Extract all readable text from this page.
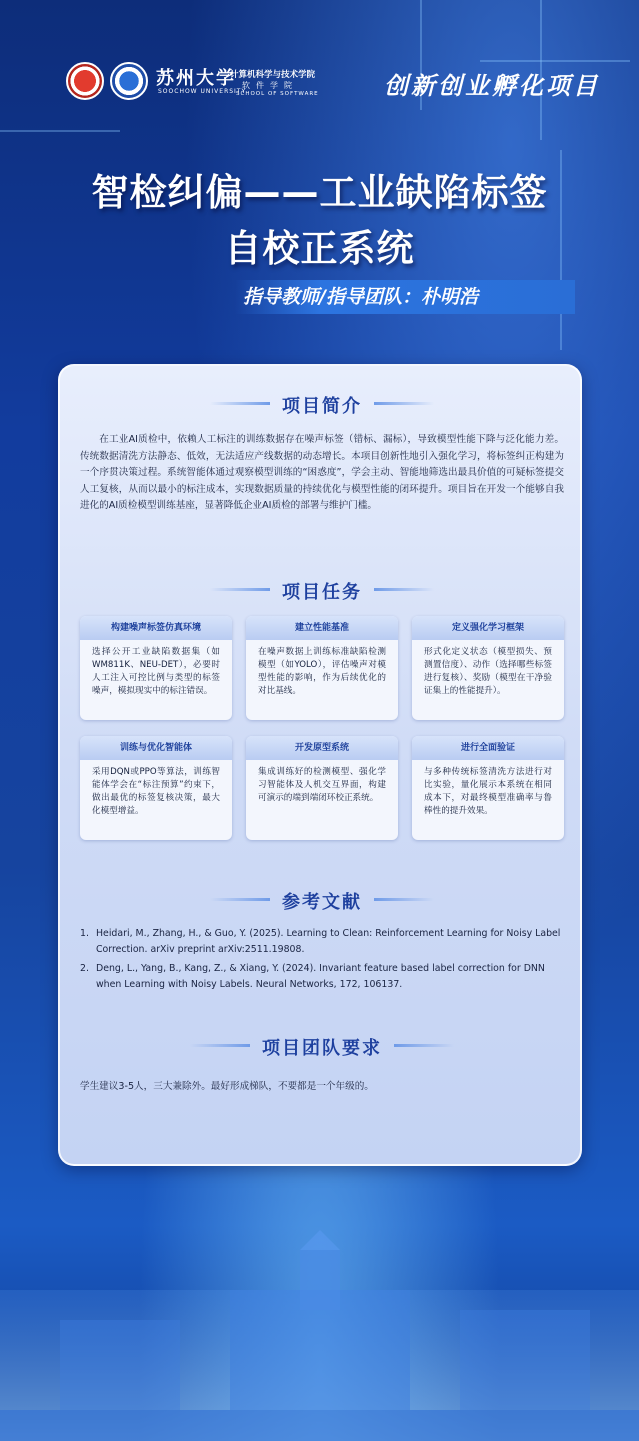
苏州大学
SOOCHOW UNIVERSITY
计算机科学与技术学院
软件学院
SCHOOL OF SOFTWARE	创新创业孵化项目
智检纠偏——工业缺陷标签
自校正系统
指导教师/指导团队：朴明浩
项目简介
在工业AI质检中，依赖人工标注的训练数据存在噪声标签（错标、漏标），导致模型性能下降与泛化能力差。传统数据清洗方法静态、低效，无法适应产线数据的动态增长。本项目创新性地引入强化学习，将标签纠正构建为一个序贯决策过程。系统智能体通过观察模型训练的“困惑度”，学会主动、智能地筛选出最具价值的可疑标签提交人工复核，从而以最小的标注成本，实现数据质量的持续优化与模型性能的闭环提升。项目旨在开发一个能够自我进化的AI质检模型训练基座，显著降低企业AI质检的部署与维护门槛。
项目任务
构建噪声标签仿真环境
选择公开工业缺陷数据集（如WM811K、NEU-DET），必要时人工注入可控比例与类型的标签噪声，模拟现实中的标注错误。
建立性能基准
在噪声数据上训练标准缺陷检测模型（如YOLO），评估噪声对模型性能的影响，作为后续优化的对比基线。
定义强化学习框架
形式化定义状态（模型损失、预测置信度）、动作（选择哪些标签进行复核）、奖励（模型在干净验证集上的性能提升）。
训练与优化智能体
采用DQN或PPO等算法，训练智能体学会在“标注预算”约束下，做出最优的标签复核决策，最大化模型增益。
开发原型系统
集成训练好的检测模型、强化学习智能体及人机交互界面，构建可演示的端到端闭环校正系统。
进行全面验证
与多种传统标签清洗方法进行对比实验，量化展示本系统在相同成本下，对最终模型准确率与鲁棒性的提升效果。
参考文献
1. Heidari, M., Zhang, H., & Guo, Y. (2025). Learning to Clean: Reinforcement Learning for Noisy Label Correction. arXiv preprint arXiv:2511.19808.
2. Deng, L., Yang, B., Kang, Z., & Xiang, Y. (2024). Invariant feature based label correction for DNN when Learning with Noisy Labels. Neural Networks, 172, 106137.
项目团队要求
学生建议3-5人，三大兼除外。最好形成梯队，不要都是一个年级的。
